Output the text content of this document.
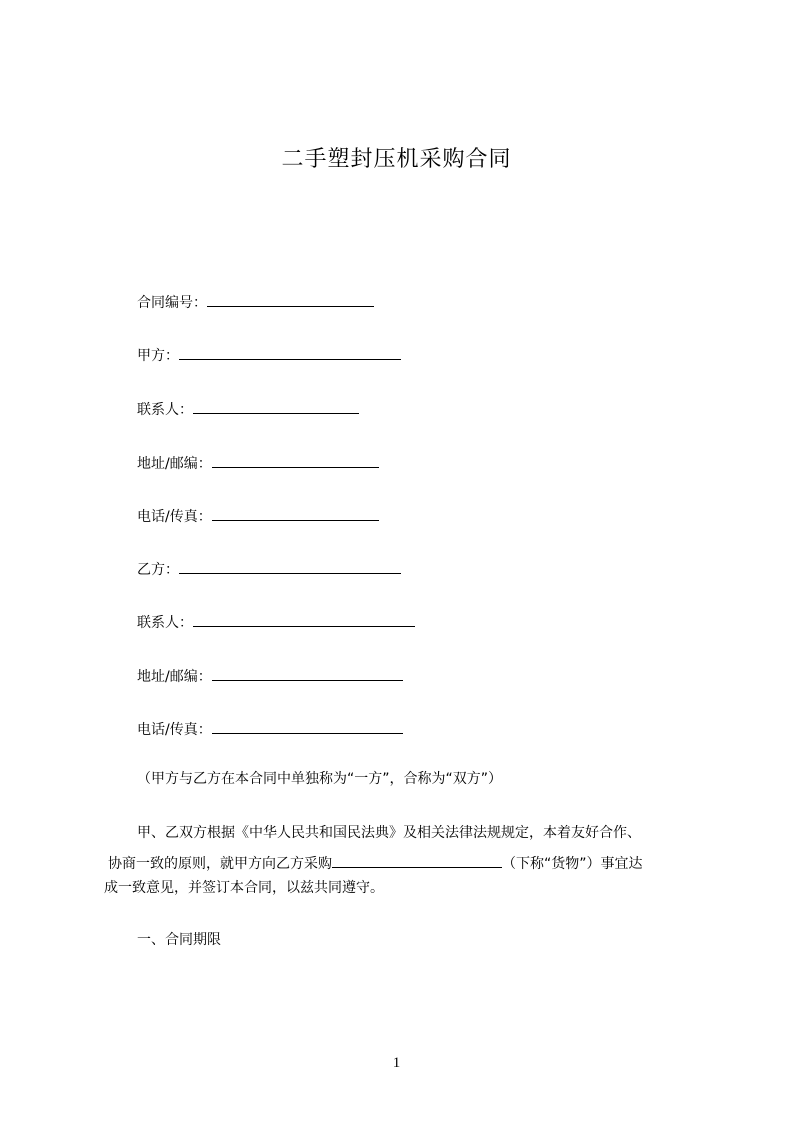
二手塑封压机采购合同
合同编号：
甲方：
联系人：
地址/邮编：
电话/传真：
乙方：
联系人：
地址/邮编：
电话/传真：
（甲方与乙方在本合同中单独称为“一方”，合称为“双方”）
甲、乙双方根据《中华人民共和国民法典》及相关法律法规规定，本着友好合作、
协商一致的原则，就甲方向乙方采购	（下称“货物”）事宜达
成一致意见，并签订本合同，以兹共同遵守。
一、合同期限
1
